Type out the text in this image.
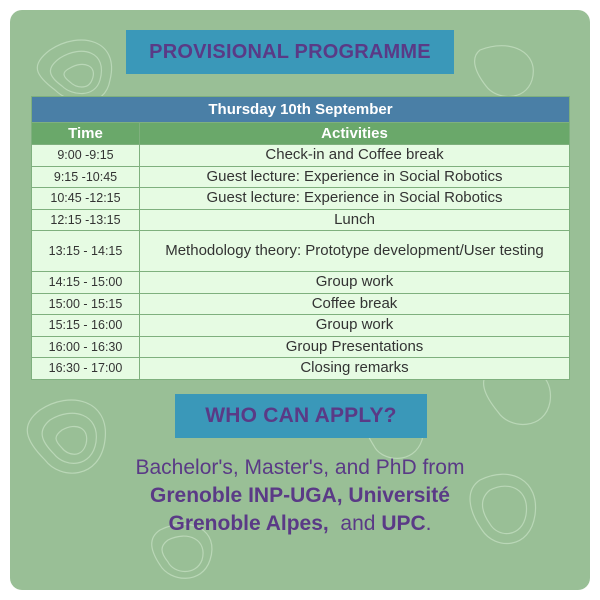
PROVISIONAL PROGRAMME
Thursday 10th September	
Time	Activities
9:00 -9:15	Check-in and Coffee break
9:15 -10:45	Guest lecture: Experience in Social Robotics
10:45 -12:15	Guest lecture: Experience in Social Robotics
12:15 -13:15	Lunch
13:15 - 14:15	Methodology theory: Prototype development/User testing
14:15 - 15:00	Group work
15:00 - 15:15	Coffee break
15:15 - 16:00	Group work
16:00 - 16:30	Group Presentations
16:30 - 17:00	Closing remarks
WHO CAN APPLY?
Bachelor's, Master's, and PhD from
Grenoble INP-UGA, Université
Grenoble Alpes, and UPC.
